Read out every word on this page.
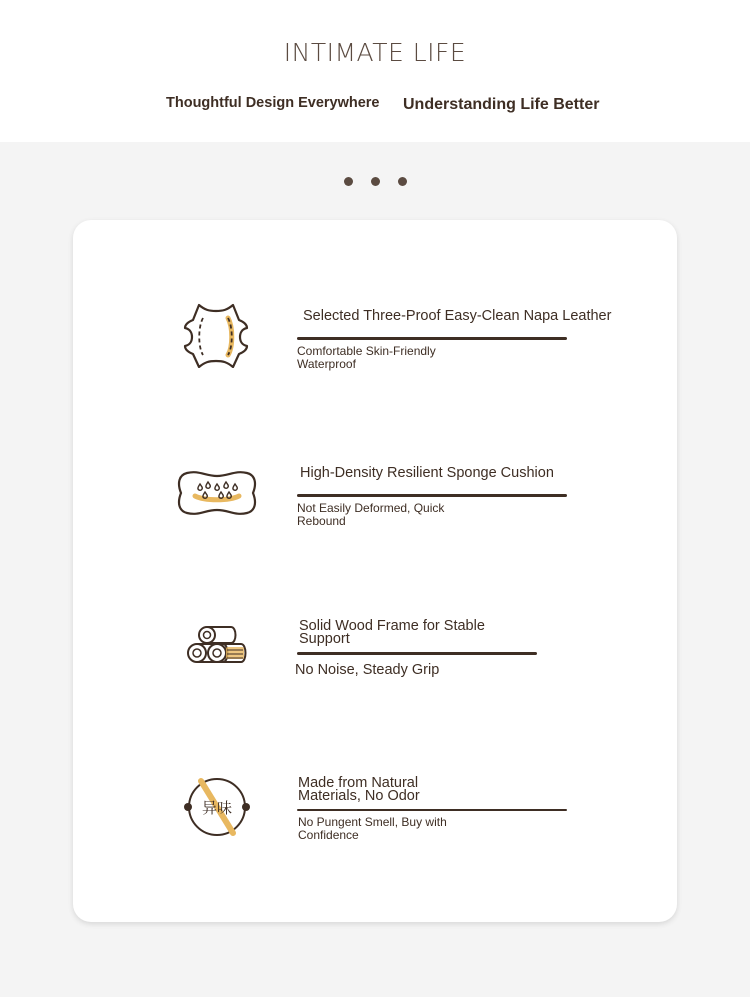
INTIMATE LIFE
Thoughtful Design Everywhere Understanding Life Better
Selected Three-Proof Easy-Clean Napa Leather
Comfortable Skin-Friendly
Waterproof
High-Density Resilient Sponge Cushion
Not Easily Deformed, Quick
Rebound
Solid Wood Frame for Stable
Support
No Noise, Steady Grip
异味
Made from Natural
Materials, No Odor
No Pungent Smell, Buy with
Confidence
